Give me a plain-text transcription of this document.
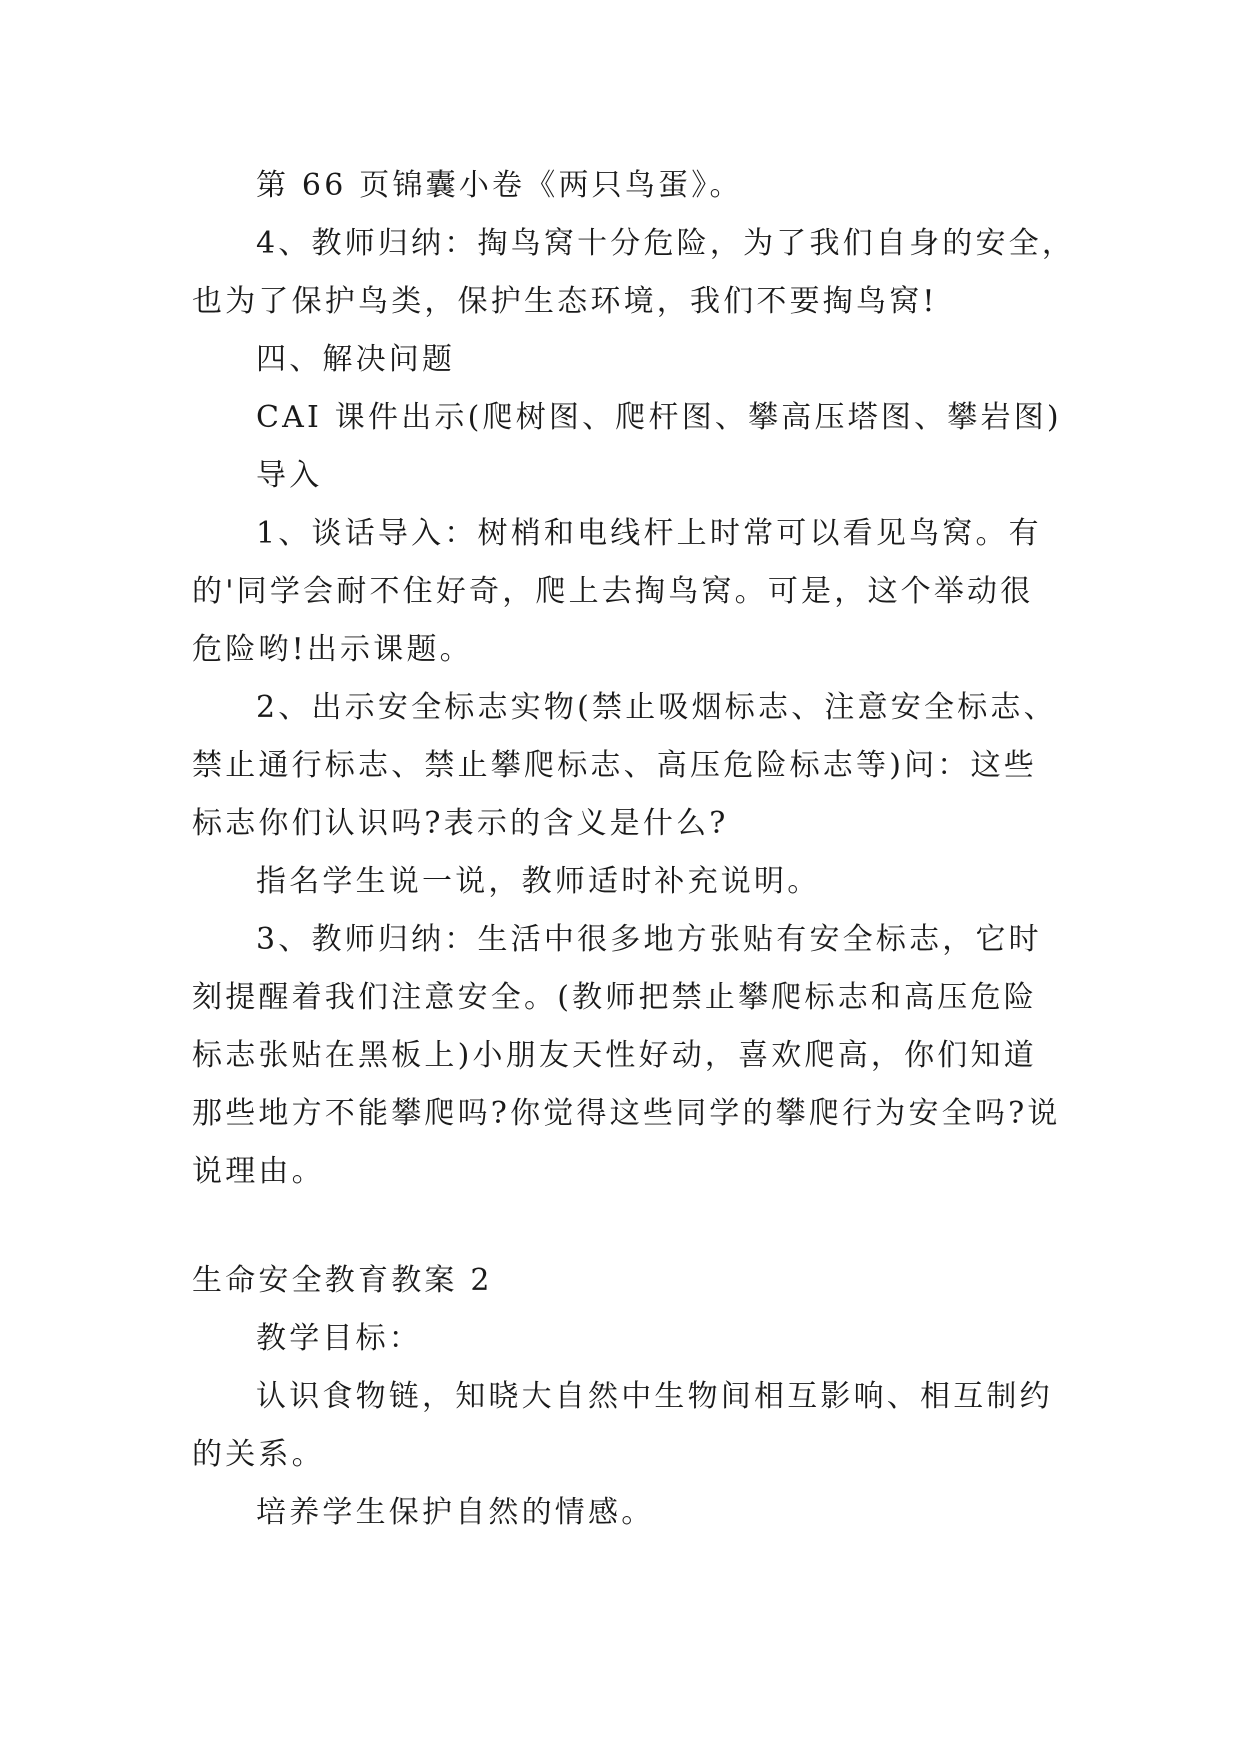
第 66 页锦囊小卷《两只鸟蛋》。
4、教师归纳：掏鸟窝十分危险，为了我们自身的安全，
也为了保护鸟类，保护生态环境，我们不要掏鸟窝!
四、解决问题
CAI 课件出示(爬树图、爬杆图、攀高压塔图、攀岩图)
导入
1、谈话导入：树梢和电线杆上时常可以看见鸟窝。有
的'同学会耐不住好奇，爬上去掏鸟窝。可是，这个举动很
危险哟!出示课题。
2、出示安全标志实物(禁止吸烟标志、注意安全标志、
禁止通行标志、禁止攀爬标志、高压危险标志等)问：这些
标志你们认识吗?表示的含义是什么?
指名学生说一说，教师适时补充说明。
3、教师归纳：生活中很多地方张贴有安全标志，它时
刻提醒着我们注意安全。(教师把禁止攀爬标志和高压危险
标志张贴在黑板上)小朋友天性好动，喜欢爬高，你们知道
那些地方不能攀爬吗?你觉得这些同学的攀爬行为安全吗?说
说理由。
生命安全教育教案 2
教学目标：
认识食物链，知晓大自然中生物间相互影响、相互制约
的关系。
培养学生保护自然的情感。
